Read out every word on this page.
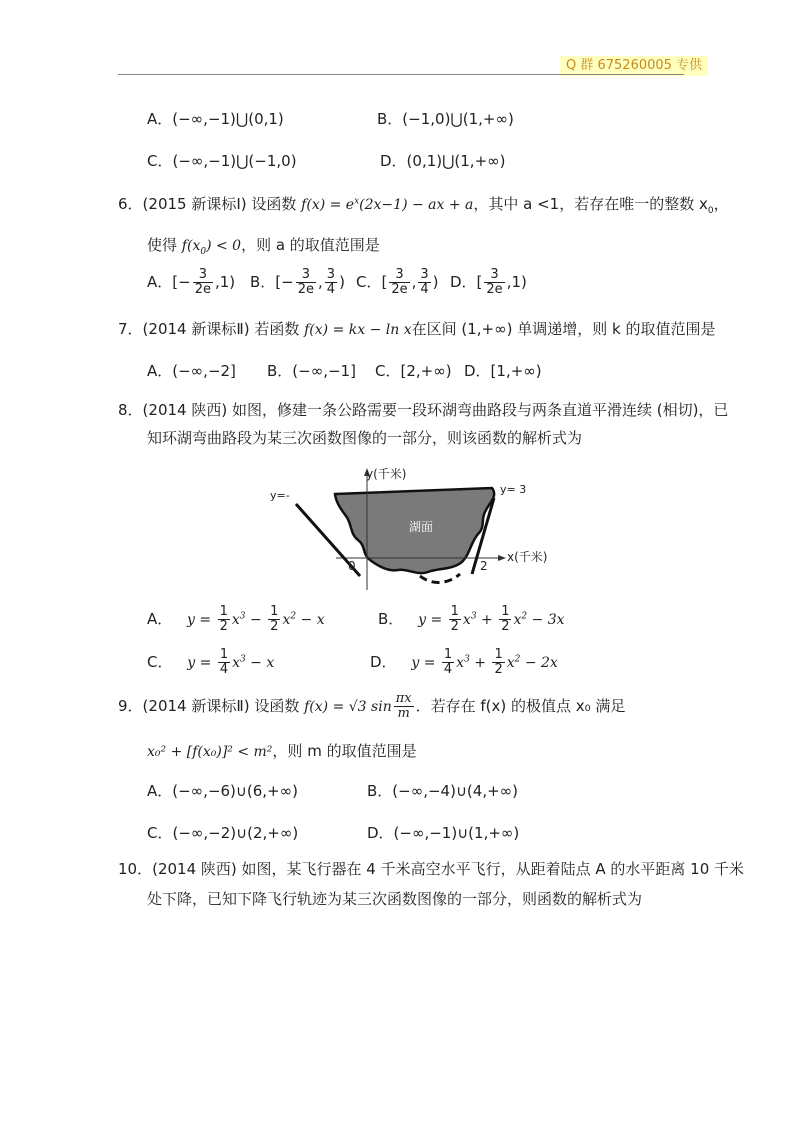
Q 群 675260005 专供
A．(−∞,−1)⋃(0,1)	B．(−1,0)⋃(1,+∞)
C．(−∞,−1)⋃(−1,0)	D．(0,1)⋃(1,+∞)
6．(2015 新课标Ⅰ) 设函数 $f(x) = e^x(2x-1)$ − ax + a，其中 a <1，若存在唯一的整数 $x_0$，
使得 $f(x_0) < 0$，则 a 的取值范围是
A．[− $\frac{3}{2e} ,1$) B．[− $\frac{3}{2e}$ , $\frac{3}{4}$ ) C．[ $\frac{3}{2e}$ , $\frac{3}{4}$ ) D．[ $\frac{3}{2e} ,1$)
7．(2014 新课标Ⅱ) 若函数 f(x) = kx − ln x在区间 (1,+∞) 单调递增，则 k 的取值范围是
A．(−∞,−2] B．(−∞,−1] C．[2,+∞) D．[1,+∞)
8．(2014 陕西) 如图，修建一条公路需要一段环湖弯曲路段与两条直道平滑连续 (相切)，已
知环湖弯曲路段为某三次函数图像的一部分，则该函数的解析式为
y(千米)
x(千米)
湖面
y=-	y= 3
0	2
A． $y = \frac{1}{2} x^3 - \frac{1}{2} x^2 - x$	B． $y = \frac{1}{2} x^3 + \frac{1}{2} x^2 - 3x$
C． $y = \frac{1}{4} x^3 - x$	D． $y = \frac{1}{4} x^3 + \frac{1}{2} x^2 - 2x$
9．(2014 新课标Ⅱ) 设函数 f(x) = √3 $\sin \frac{\pi x}{m}$ ．若存在 f(x) 的极值点 x₀ 满足
x₀² + [f(x₀)]² < m²，则 m 的取值范围是
A．(−∞,−6)∪(6,+∞)	B．(−∞,−4)∪(4,+∞)
C．(−∞,−2)∪(2,+∞)	D．(−∞,−1)∪(1,+∞)
10．(2014 陕西) 如图，某飞行器在 4 千米高空水平飞行，从距着陆点 A 的水平距离 10 千米
处下降，已知下降飞行轨迹为某三次函数图像的一部分，则函数的解析式为
